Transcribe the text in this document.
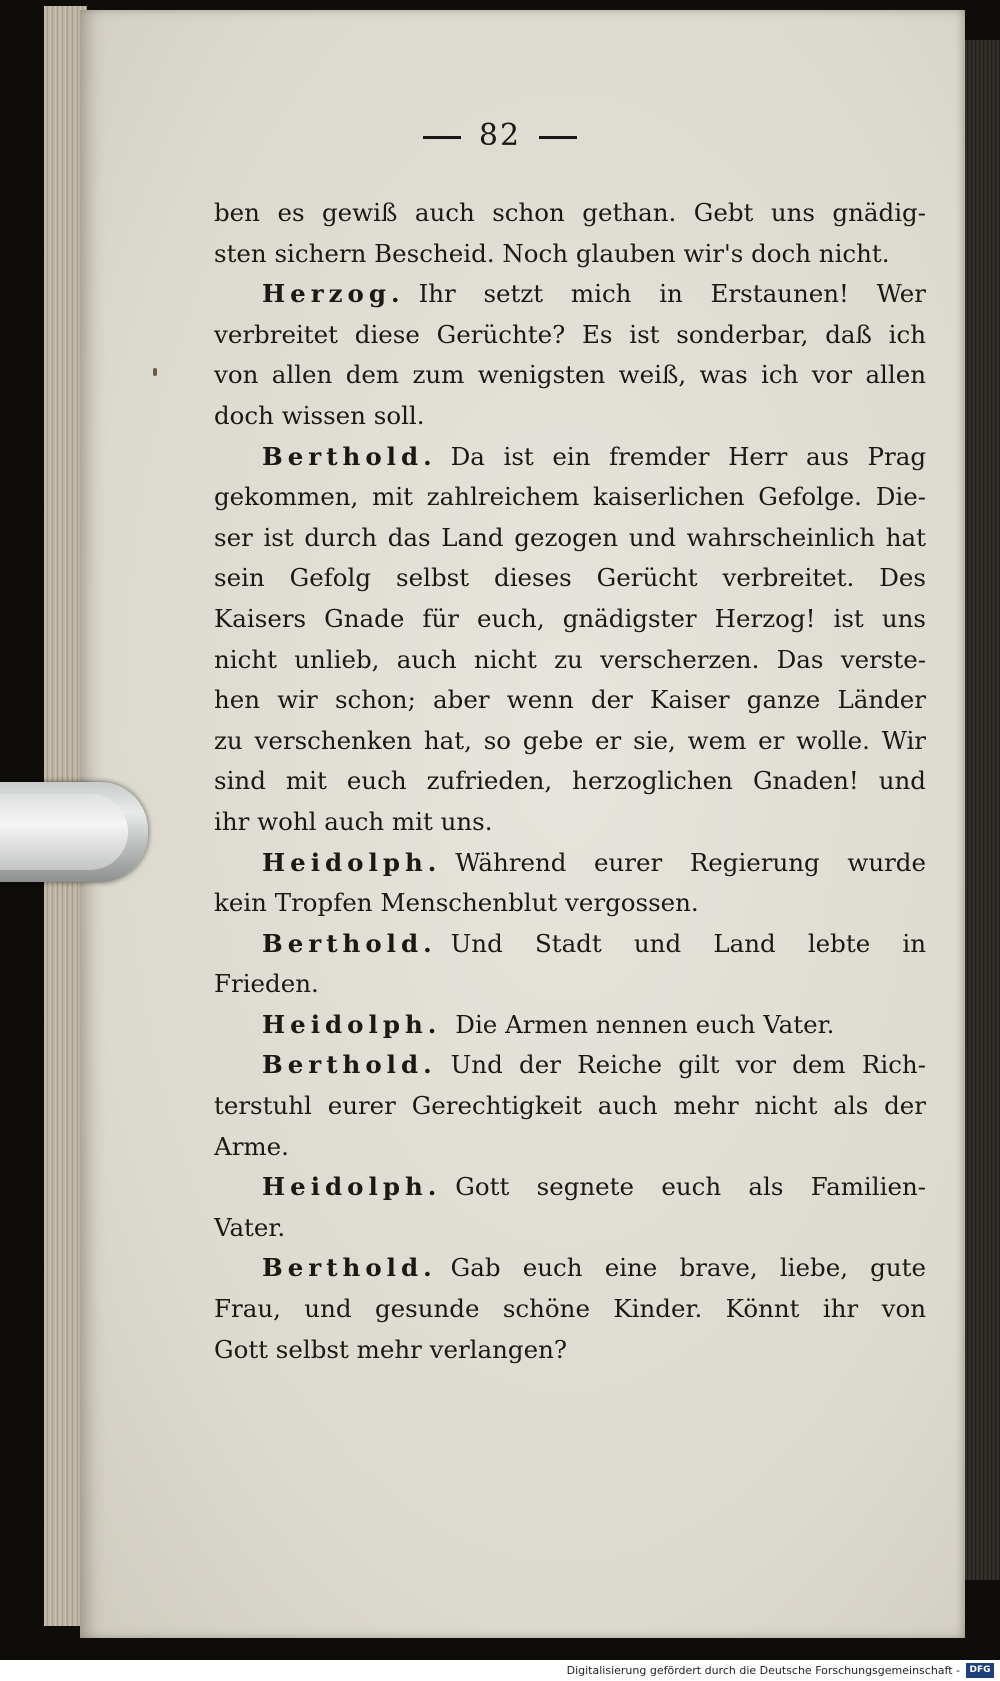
82
ben es gewiß auch schon gethan. Gebt uns gnädig-
sten sichern Bescheid. Noch glauben wir's doch nicht.
Herzog. Ihr setzt mich in Erstaunen! Wer
verbreitet diese Gerüchte? Es ist sonderbar, daß ich
von allen dem zum wenigsten weiß, was ich vor allen
doch wissen soll.
Berthold. Da ist ein fremder Herr aus Prag
gekommen, mit zahlreichem kaiserlichen Gefolge. Die-
ser ist durch das Land gezogen und wahrscheinlich hat
sein Gefolg selbst dieses Gerücht verbreitet. Des
Kaisers Gnade für euch, gnädigster Herzog! ist uns
nicht unlieb, auch nicht zu verscherzen. Das verste-
hen wir schon; aber wenn der Kaiser ganze Länder
zu verschenken hat, so gebe er sie, wem er wolle. Wir
sind mit euch zufrieden, herzoglichen Gnaden! und
ihr wohl auch mit uns.
Heidolph. Während eurer Regierung wurde
kein Tropfen Menschenblut vergossen.
Berthold. Und Stadt und Land lebte in
Frieden.
Heidolph. Die Armen nennen euch Vater.
Berthold. Und der Reiche gilt vor dem Rich-
terstuhl eurer Gerechtigkeit auch mehr nicht als der
Arme.
Heidolph. Gott segnete euch als Familien-
Vater.
Berthold. Gab euch eine brave, liebe, gute
Frau, und gesunde schöne Kinder. Könnt ihr von
Gott selbst mehr verlangen?
Digitalisierung gefördert durch die Deutsche Forschungsgemeinschaft -	DFG
